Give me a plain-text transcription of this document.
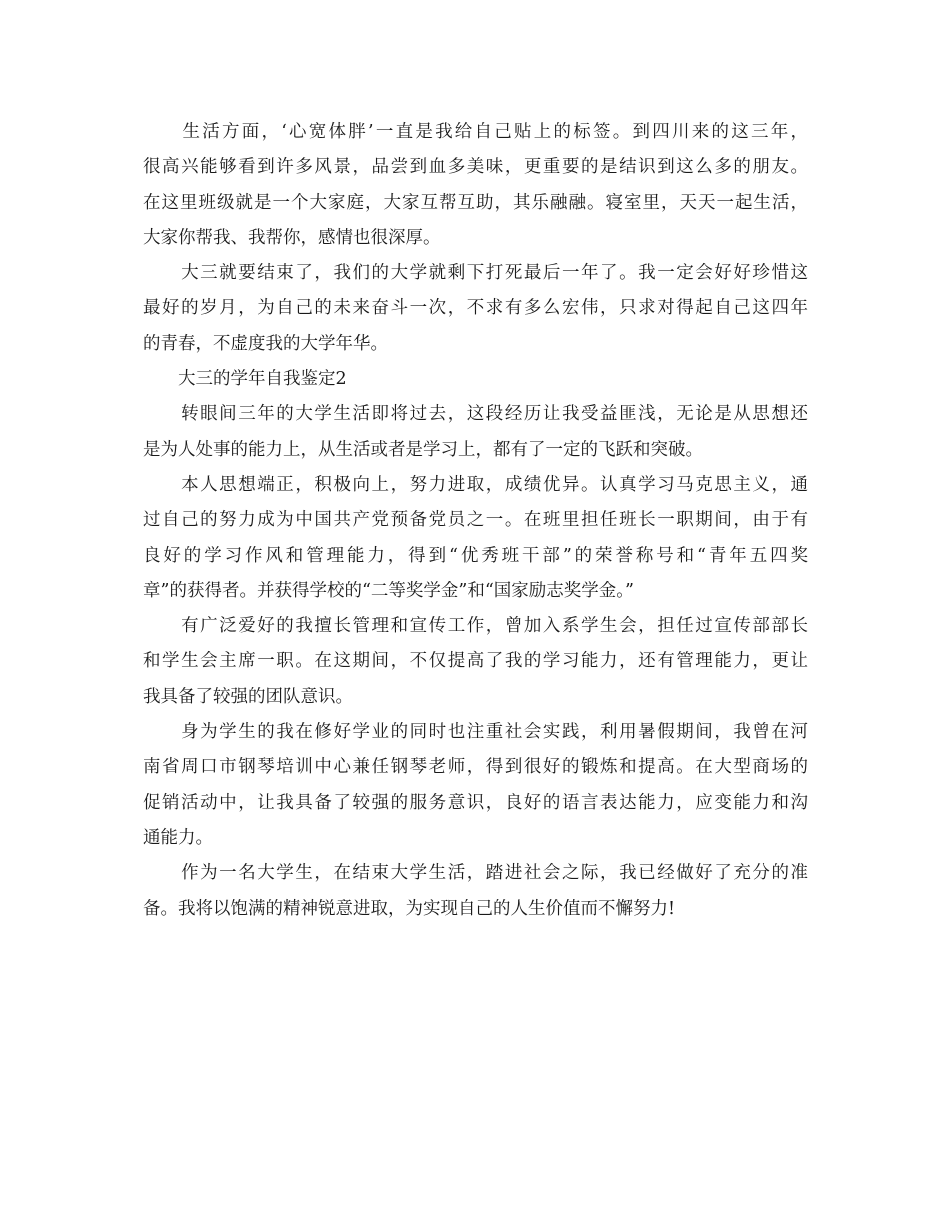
　　生活方面，‘心宽体胖’一直是我给自己贴上的标签。到四川来的这三年，
很高兴能够看到许多风景，品尝到血多美味，更重要的是结识到这么多的朋友。
在这里班级就是一个大家庭，大家互帮互助，其乐融融。寝室里，天天一起生活，
大家你帮我、我帮你，感情也很深厚。

　　大三就要结束了，我们的大学就剩下打死最后一年了。我一定会好好珍惜这
最好的岁月，为自己的未来奋斗一次，不求有多么宏伟，只求对得起自己这四年
的青春，不虚度我的大学年华。

　　大三的学年自我鉴定2

　　转眼间三年的大学生活即将过去，这段经历让我受益匪浅，无论是从思想还
是为人处事的能力上，从生活或者是学习上，都有了一定的飞跃和突破。

　　本人思想端正，积极向上，努力进取，成绩优异。认真学习马克思主义，通
过自己的努力成为中国共产党预备党员之一。在班里担任班长一职期间，由于有
良好的学习作风和管理能力，得到“优秀班干部”的荣誉称号和“青年五四奖
章”的获得者。并获得学校的“二等奖学金”和“国家励志奖学金。”

　　有广泛爱好的我擅长管理和宣传工作，曾加入系学生会，担任过宣传部部长
和学生会主席一职。在这期间，不仅提高了我的学习能力，还有管理能力，更让
我具备了较强的团队意识。

　　身为学生的我在修好学业的同时也注重社会实践，利用暑假期间，我曾在河
南省周口市钢琴培训中心兼任钢琴老师，得到很好的锻炼和提高。在大型商场的
促销活动中，让我具备了较强的服务意识，良好的语言表达能力，应变能力和沟
通能力。

　　作为一名大学生，在结束大学生活，踏进社会之际，我已经做好了充分的准
备。我将以饱满的精神锐意进取，为实现自己的人生价值而不懈努力!
